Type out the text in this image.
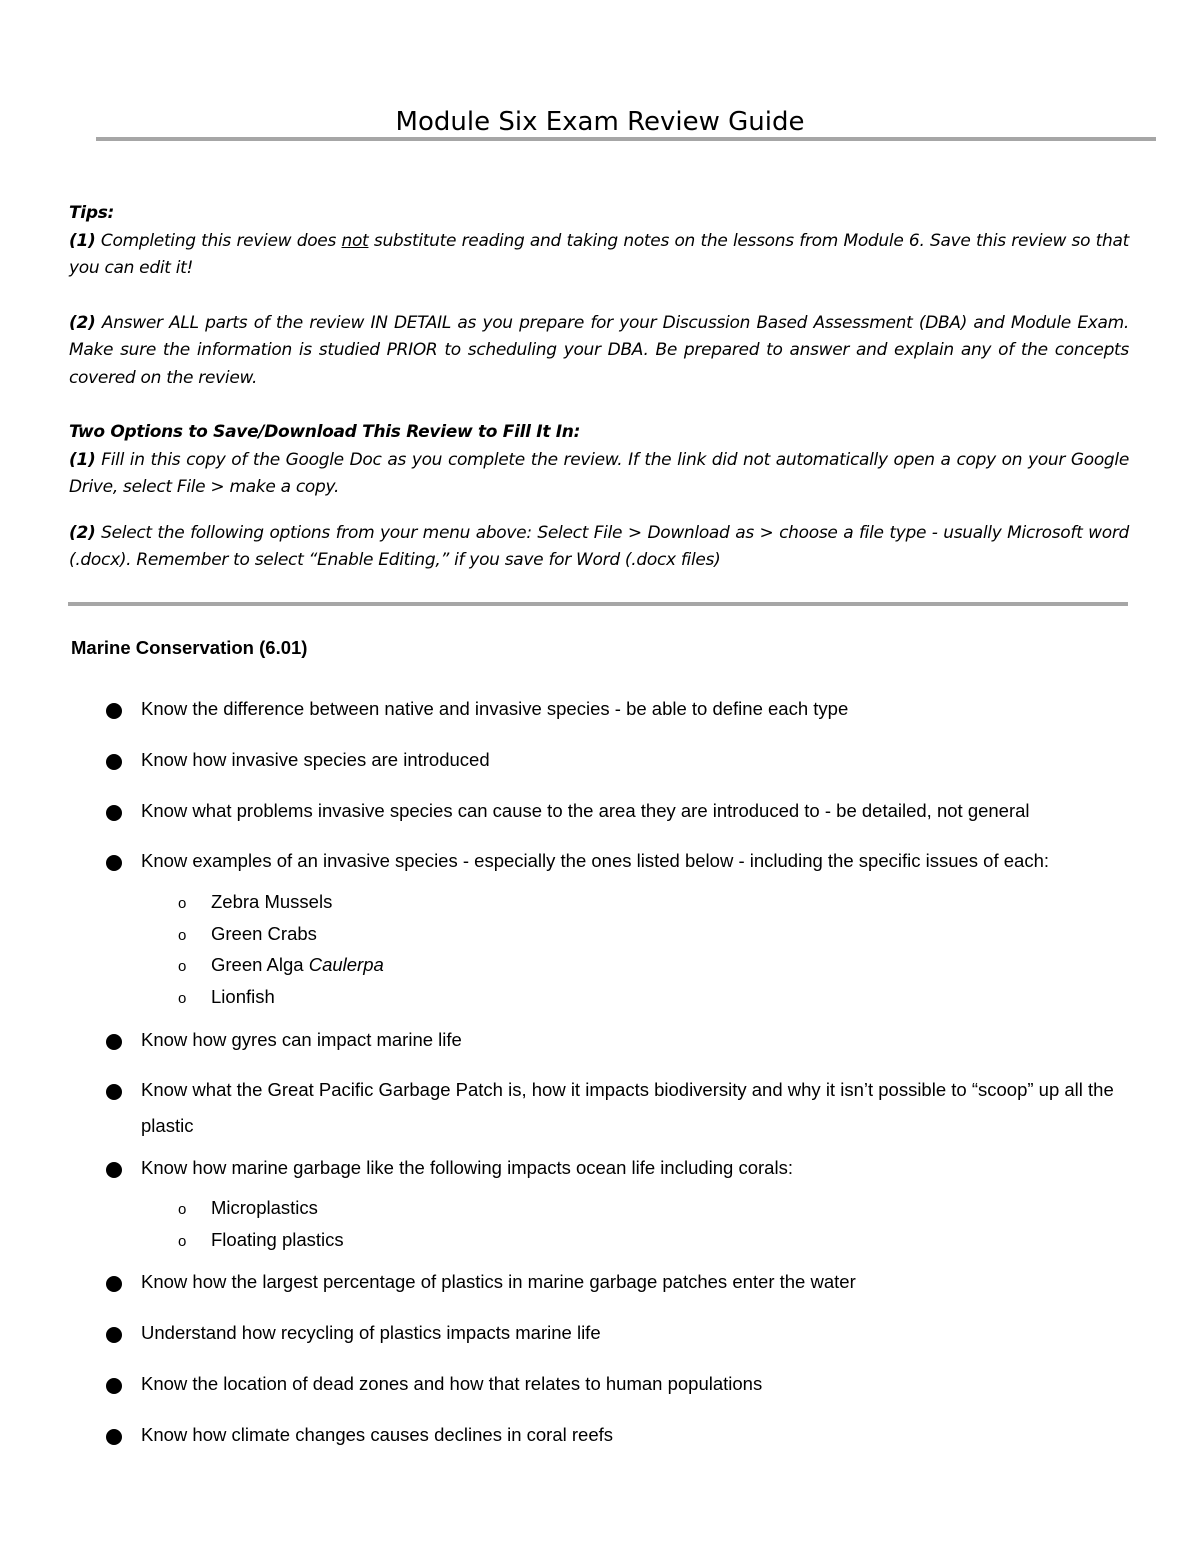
Module Six Exam Review Guide

Tips:

(1) Completing this review does not substitute reading and taking notes on the lessons from Module 6. Save this review so that you can edit it!

(2) Answer ALL parts of the review IN DETAIL as you prepare for your Discussion Based Assessment (DBA) and Module Exam. Make sure the information is studied PRIOR to scheduling your DBA. Be prepared to answer and explain any of the concepts covered on the review.

Two Options to Save/Download This Review to Fill It In:

(1) Fill in this copy of the Google Doc as you complete the review. If the link did not automatically open a copy on your Google Drive, select File > make a copy.

(2) Select the following options from your menu above: Select File > Download as > choose a file type - usually Microsoft word (.docx). Remember to select “Enable Editing,” if you save for Word (.docx files)

Marine Conservation (6.01)
Know the difference between native and invasive species - be able to define each type
Know how invasive species are introduced
Know what problems invasive species can cause to the area they are introduced to - be detailed, not general
Know examples of an invasive species - especially the ones listed below - including the specific issues of each:
o Zebra Mussels
o Green Crabs
o Green Alga Caulerpa
o Lionfish
Know how gyres can impact marine life
Know what the Great Pacific Garbage Patch is, how it impacts biodiversity and why it isn’t possible to “scoop” up all the plastic
Know how marine garbage like the following impacts ocean life including corals:
o Microplastics
o Floating plastics
Know how the largest percentage of plastics in marine garbage patches enter the water
Understand how recycling of plastics impacts marine life
Know the location of dead zones and how that relates to human populations
Know how climate changes causes declines in coral reefs
